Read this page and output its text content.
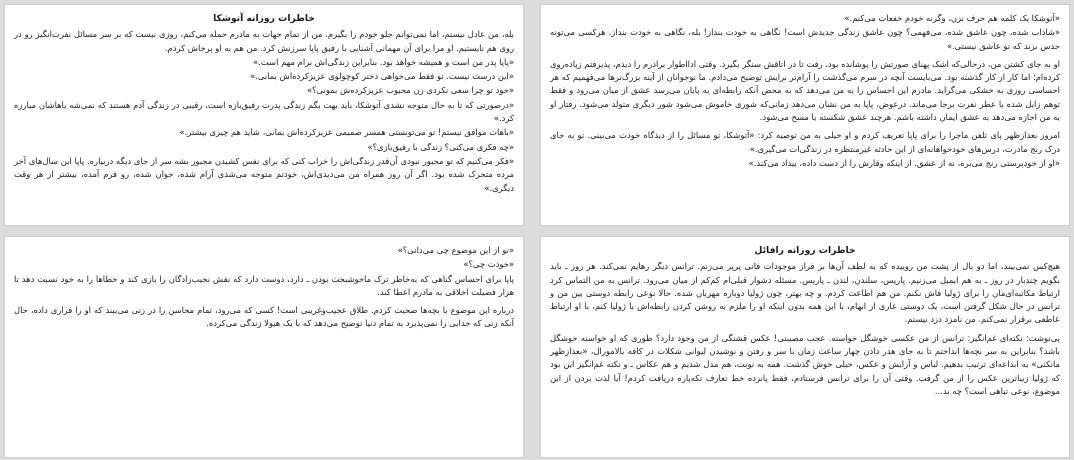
خاطرات روزانه آتوشکا

بله، من عادل نیستم، اما نمی‌توانم جلو خودم را بگیرم. من از تمام جهات به مادرم حمله می‌کنم، روزی نیست که بر سر مسائل نفرت‌انگیز رو در روی هم نایستیم. او مرا برای آن مهمانی آشنایی با رفیق پاپا سرزنش کرد. من هم به او پرخاش کردم.

«پاپا پدر من است و همیشه خواهد بود. بنابراین زندگی‌اش برام مهم است.»

«این درست نیست. تو فقط می‌خواهی دختر کوچولوی عزیزکرده‌اش بمانی.»

«خود تو چرا سعی نکردی زن محبوب عزیزکرده‌ش بمونی؟»

«درصورتی که تا به حال متوجه نشدی آتوشکا، باید بهت بگم زندگی پدرت رفیق‌بازه است، رقیبی در زندگی آدم هستند که نمی‌شه باهاشان مبارزه کرد.»

«باهات موافق نیستم! تو می‌تونستی همسر صمیمی عزیزکرده‌اش بمانی، شاید هم چیزی بیشتر.»

«چه فکری می‌کنی؟ زندگی با رفیق‌بازی؟»

«فکر می‌کنیم که تو مجبور نبودی آن‌قدر زندگی‌اش را خراب کنی که برای نفس کشیدن مجبور بشه سر از جای دیگه دربیاره. پاپا این سال‌های آخر مرده متحرک شده بود. اگر آن روز همراه من می‌دیدی‌اش، خودتم متوجه می‌شدی آرام شده، جوان شده، رو فرم آمده، بیشتر از هر وقت دیگری.»

«آتوشکا یک کلمه هم حرف نزن، وگرنه خودم خفعات می‌کنم.»

«شاداب شده، چون عاشق شده، می‌فهمی؟ چون عاشق زندگی جدیدش است! نگاهی به خودت بنداز! بله، نگاهی به خودت بنداز. هرکسی می‌تونه حدس بزند که تو عاشق نیستی.»

او به جای کشتن من، درحالی‌که اشک پهنای صورتش را پوشانده بود، رفت تا در اتاقش سنگر بگیرد. وقتی ادااطوار برادرم را دیدم، پذیرفتم زیاده‌روی کرده‌ام؛ اما کار از کار گذشته بود. می‌بایست آنچه در سرم می‌گذشت را آرام‌تر برایش توضیح می‌دادم. ما نوجوانان از آینه بزرگ‌ترها می‌فهمیم که هر احساسی روزی به خشکی می‌گراید. مادرم این احساس را به من می‌دهد که به محض آنکه رابطه‌ای به پایان می‌رسد عشق از میان می‌رود و فقط توهم زایل شده یا عطر نفرت برجا می‌ماند. درعوض، پاپا به من نشان می‌دهد زمانی‌که شوری خاموش می‌شود شور دیگری متولد می‌شود. رفتار او به من اجازه می‌دهد به عشق ایمان داشته باشم. هرچند عشق شکسته یا مسخ می‌شود.

امروز بعدازظهر پای تلفن ماجرا را برای پاپا تعریف کردم و او خیلی به من توصیه کرد: «آتوشکا، تو مسائل را از دیدگاه خودت می‌بینی. تو به جای درک رنج مادرت، درس‌های خودخواهانه‌ای از این حادثه غیرمنتظره در زندگی‌ات می‌گیری.»

«او از خودپرستی رنج می‌بره، نه از عشق. از اینکه وقارش را از دست داده، بیداد می‌کند.»

«تو از این موضوع چی می‌دانی؟»

«خودت چی؟»

پاپا برای احساس گناهی که به‌خاطر ترک ماخوشبخت بودن ـ دارد، دوست دارد که نقش نجیب‌زادگان را بازی کند و خطاها را به خود نسبت دهد تا هزار فضیلت اخلاقی به مادرم اعطا کند.

درباره این موضوع با بچه‌ها صحبت کردم. طلاق عجیب‌وغریبی است! کسی که می‌رود، تمام محاسن را در زنی می‌بیند که او را فراری داده، حال آنکه زنی که جدایی را نمی‌پذیرد به تمام دنیا توضیح می‌دهد که با یک هیولا زندگی می‌کرده.

خاطرات روزانه رافائل

هیچ‌کس نمی‌بیند، اما دو بال از پشت من روییده که به لطف آن‌ها بر فراز موجودات فانی پرپر می‌زنم. ترانس دیگر رهایم نمی‌کند. هر روز ـ باید بگویم چندبار در روز ـ به هم ایمیل می‌زنیم. پاریس، سلندن، لندن ـ پاریس. مسئله دشوار قبلی‌ام کم‌کم از میان می‌رود. ترانس به من التماس کرد ارتباط مکاتبه‌ای‌مان را برای ژولیا فاش نکنم. من هم اطاعت کردم. و چه بهتر، چون ژولیا دوباره مهربان شده. حالا نوعی رابطه دوستی بین من و ترانس در حال شکل گرفتن است، یک دوستی عاری از ابهام، با این همه بدون اینکه او را ملزم به روشن کردن رابطه‌اش با ژولیا کنم، با او ارتباط عاطفی برقرار نمی‌کنم. من نامزد دزد نیستم.

پی‌نوشت: نکته‌ای غم‌انگیز: ترانس از من عکسی خوشگل خواسته. عجب مصیبتی! عکس قشنگی از من وجود دارد؟ طوری که او خواسته خوشگل باشد؟ بنابراین به سر بچه‌ها انداختم تا به جای هدر دادن چهار ساعت زمان با سر و رفتن و نوشیدن لیوانی شکلات در کافه بالامورال، «بعدازظهر مانکنی» به ابداعه‌ای ترتیب بدهیم. لباس و آرایش و عکس، خیلی خوش گذشت. همه به نوبت، هم مدل شدیم و هم عکاس ـ و نکته غم‌انگیز این بود که ژولیا زیباترین عکس را از من گرفت. وقتی آن را برای ترانس فرستادم، فقط پانزده خط تعارف تکه‌پاره دریافت کردم! آیا لذت بردن از این موضوع، نوعی تباهی است؟ چه بد...
